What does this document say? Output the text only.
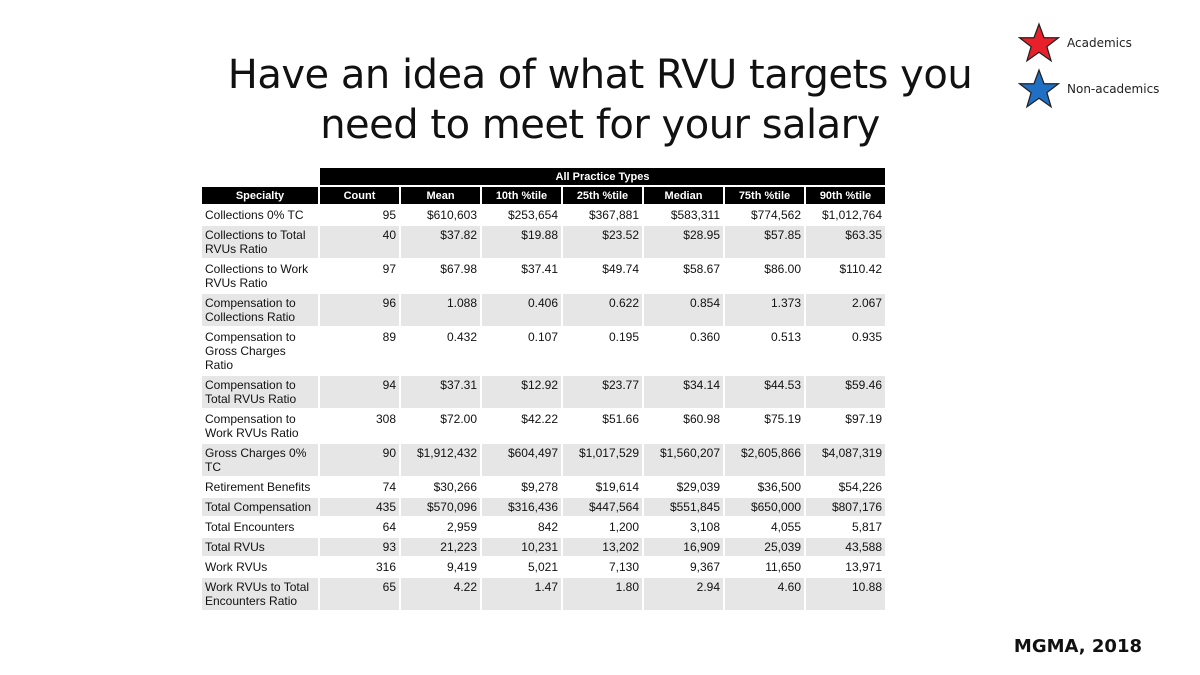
Have an idea of what RVU targets you
need to meet for your salary
Academics
Non-academics
	All Practice Types						
Specialty	Count	Mean	10th %tile	25th %tile	Median	75th %tile	90th %tile
Collections 0% TC	95	$610,603	$253,654	$367,881	$583,311	$774,562	$1,012,764
Collections to Total RVUs Ratio	40	$37.82	$19.88	$23.52	$28.95	$57.85	$63.35
Collections to Work RVUs Ratio	97	$67.98	$37.41	$49.74	$58.67	$86.00	$110.42
Compensation to Collections Ratio	96	1.088	0.406	0.622	0.854	1.373	2.067
Compensation to Gross Charges Ratio	89	0.432	0.107	0.195	0.360	0.513	0.935
Compensation to Total RVUs Ratio	94	$37.31	$12.92	$23.77	$34.14	$44.53	$59.46
Compensation to Work RVUs Ratio	308	$72.00	$42.22	$51.66	$60.98	$75.19	$97.19
Gross Charges 0% TC	90	$1,912,432	$604,497	$1,017,529	$1,560,207	$2,605,866	$4,087,319
Retirement Benefits	74	$30,266	$9,278	$19,614	$29,039	$36,500	$54,226
Total Compensation	435	$570,096	$316,436	$447,564	$551,845	$650,000	$807,176
Total Encounters	64	2,959	842	1,200	3,108	4,055	5,817
Total RVUs	93	21,223	10,231	13,202	16,909	25,039	43,588
Work RVUs	316	9,419	5,021	7,130	9,367	11,650	13,971
Work RVUs to Total Encounters Ratio	65	4.22	1.47	1.80	2.94	4.60	10.88
MGMA, 2018
